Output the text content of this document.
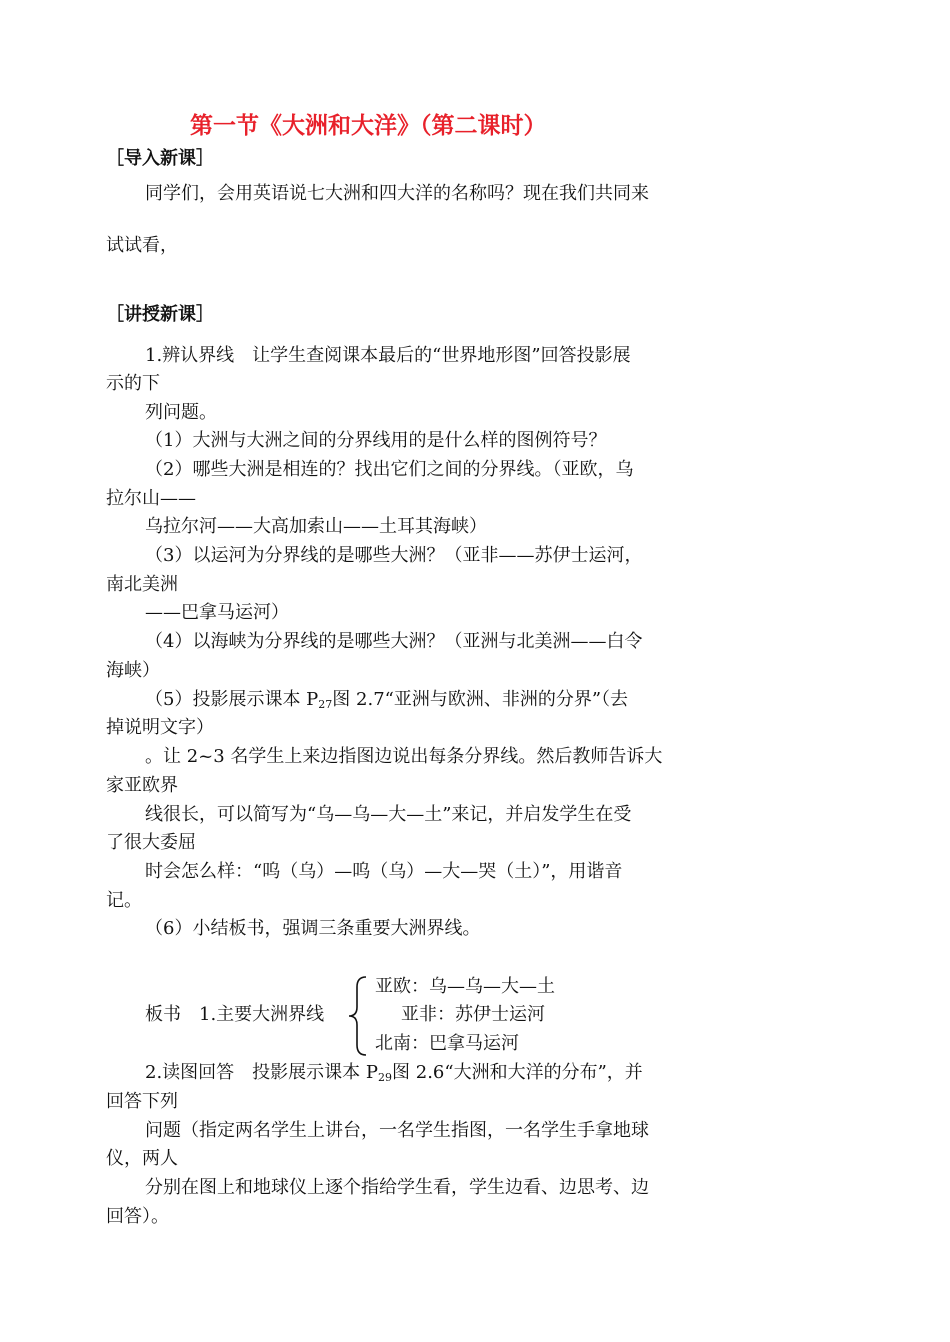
第一节《大洲和大洋》（第二课时）
［导入新课］
同学们，会用英语说七大洲和四大洋的名称吗？现在我们共同来
试试看，
［讲授新课］
1.辨认界线　让学生查阅课本最后的“世界地形图”回答投影展
示的下
列问题。
（1）大洲与大洲之间的分界线用的是什么样的图例符号？
（2）哪些大洲是相连的？找出它们之间的分界线。（亚欧，乌
拉尔山——
乌拉尔河——大高加索山——土耳其海峡）
（3）以运河为分界线的是哪些大洲？（亚非——苏伊士运河，
南北美洲
——巴拿马运河）
（4）以海峡为分界线的是哪些大洲？（亚洲与北美洲——白令
海峡）
（5）投影展示课本 $P_{27}$图 2.7“亚洲与欧洲、非洲的分界”（去
掉说明文字）
。让 2~3 名学生上来边指图边说出每条分界线。然后教师告诉大
家亚欧界
线很长，可以简写为“乌—乌—大—土”来记，并启发学生在受
了很大委屈
时会怎么样：“呜（乌）—呜（乌）—大—哭（土）”，用谐音
记。
（6）小结板书，强调三条重要大洲界线。
板书　1.主要大洲界线
亚欧：乌—乌—大—土
亚非：苏伊士运河
北南：巴拿马运河
2.读图回答　投影展示课本 $P_{29}$图 2.6“大洲和大洋的分布”，并
回答下列
问题（指定两名学生上讲台，一名学生指图，一名学生手拿地球
仪，两人
分别在图上和地球仪上逐个指给学生看，学生边看、边思考、边
回答）。
